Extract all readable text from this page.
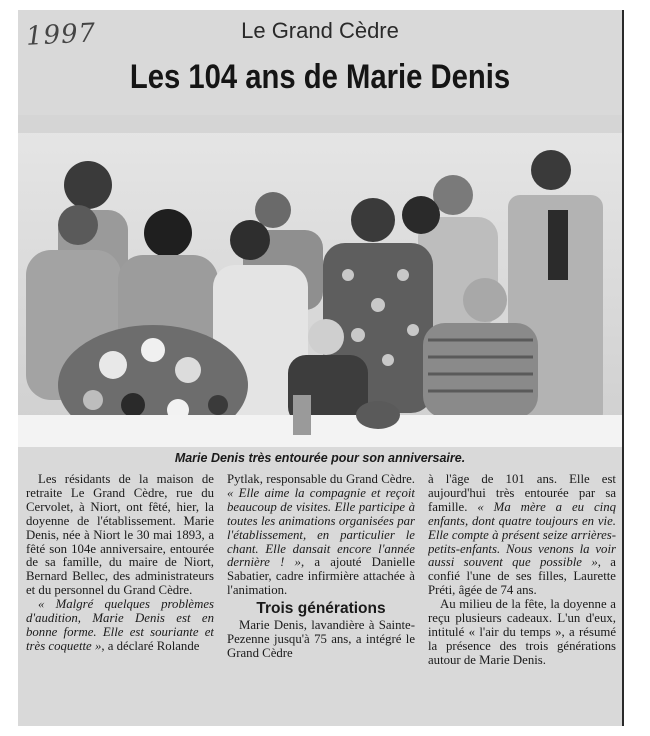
1997	Le Grand Cèdre
Les 104 ans de Marie Denis
Marie Denis très entourée pour son anniversaire.

Les résidants de la maison de retraite Le Grand Cèdre, rue du Cervolet, à Niort, ont fêté, hier, la doyenne de l'établissement. Marie Denis, née à Niort le 30 mai 1893, a fêté son 104e anniversaire, entourée de sa famille, du maire de Niort, Bernard Bellec, des administrateurs et du personnel du Grand Cèdre.

« Malgré quelques problèmes d'audition, Marie Denis est en bonne forme. Elle est souriante et très coquette », a déclaré Rolande

Pytlak, responsable du Grand Cèdre. « Elle aime la compagnie et reçoit beaucoup de visites. Elle participe à toutes les animations organisées par l'établissement, en particulier le chant. Elle dansait encore l'année dernière ! », a ajouté Danielle Sabatier, cadre infirmière attachée à l'animation.

Trois générations

Marie Denis, lavandière à Sainte-Pezenne jusqu'à 75 ans, a intégré le Grand Cèdre

à l'âge de 101 ans. Elle est aujourd'hui très entourée par sa famille. « Ma mère a eu cinq enfants, dont quatre toujours en vie. Elle compte à présent seize arrières-petits-enfants. Nous venons la voir aussi souvent que possible », a confié l'une de ses filles, Laurette Préti, âgée de 74 ans.

Au milieu de la fête, la doyenne a reçu plusieurs cadeaux. L'un d'eux, intitulé « l'air du temps », a résumé la présence des trois générations autour de Marie Denis.
